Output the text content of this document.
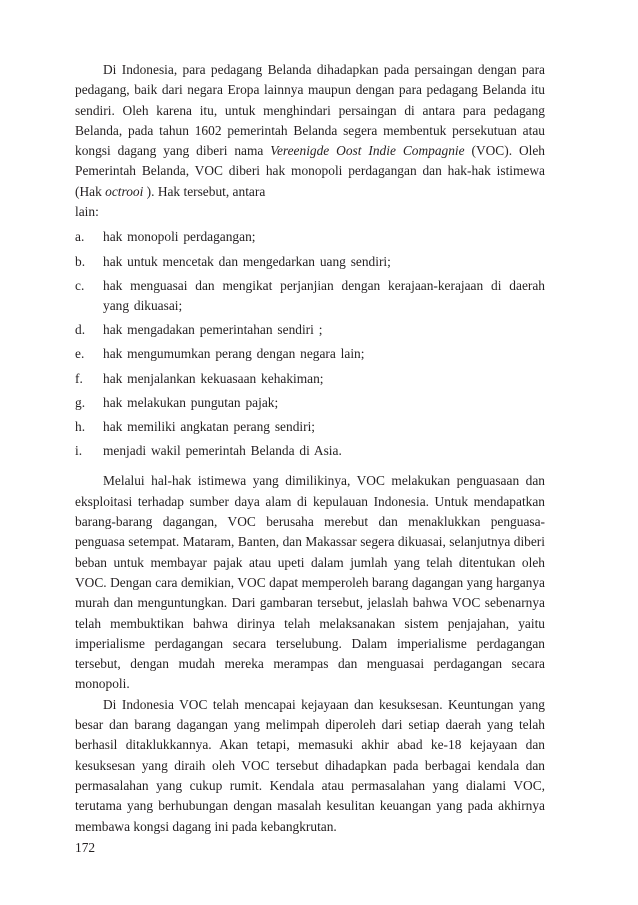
Di Indonesia, para pedagang Belanda dihadapkan pada persaingan dengan para pedagang, baik dari negara Eropa lainnya maupun dengan para pedagang Belanda itu sendiri. Oleh karena itu, untuk menghindari persaingan di antara para pedagang Belanda, pada tahun 1602 pemerintah Belanda segera membentuk persekutuan atau kongsi dagang yang diberi nama Vereenigde Oost Indie Compagnie (VOC). Oleh Pemerintah Belanda, VOC diberi hak monopoli perdagangan dan hak-hak istimewa (Hak octrooi ). Hak tersebut, antara

lain:

a. hak monopoli perdagangan;
b. hak untuk mencetak dan mengedarkan uang sendiri;
c. hak menguasai dan mengikat perjanjian dengan kerajaan-kerajaan di daerah yang dikuasai;
d. hak mengadakan pemerintahan sendiri ;
e. hak mengumumkan perang dengan negara lain;
f. hak menjalankan kekuasaan kehakiman;
g. hak melakukan pungutan pajak;
h. hak memiliki angkatan perang sendiri;
i. menjadi wakil pemerintah Belanda di Asia.

Melalui hal-hak istimewa yang dimilikinya, VOC melakukan penguasaan dan eksploitasi terhadap sumber daya alam di kepulauan Indonesia. Untuk mendapatkan barang-barang dagangan, VOC berusaha merebut dan menaklukkan penguasa-penguasa setempat. Mataram, Banten, dan Makassar segera dikuasai, selanjutnya diberi beban untuk membayar pajak atau upeti dalam jumlah yang telah ditentukan oleh VOC. Dengan cara demikian, VOC dapat memperoleh barang dagangan yang harganya murah dan menguntungkan. Dari gambaran tersebut, jelaslah bahwa VOC sebenarnya telah membuktikan bahwa dirinya telah melaksanakan sistem penjajahan, yaitu imperialisme perdagangan secara terselubung. Dalam imperialisme perdagangan tersebut, dengan mudah mereka merampas dan menguasai perdagangan secara monopoli.

Di Indonesia VOC telah mencapai kejayaan dan kesuksesan. Keuntungan yang besar dan barang dagangan yang melimpah diperoleh dari setiap daerah yang telah berhasil ditaklukkannya. Akan tetapi, memasuki akhir abad ke-18 kejayaan dan kesuksesan yang diraih oleh VOC tersebut dihadapkan pada berbagai kendala dan permasalahan yang cukup rumit. Kendala atau permasalahan yang dialami VOC, terutama yang berhubungan dengan masalah kesulitan keuangan yang pada akhirnya membawa kongsi dagang ini pada kebangkrutan.

172
